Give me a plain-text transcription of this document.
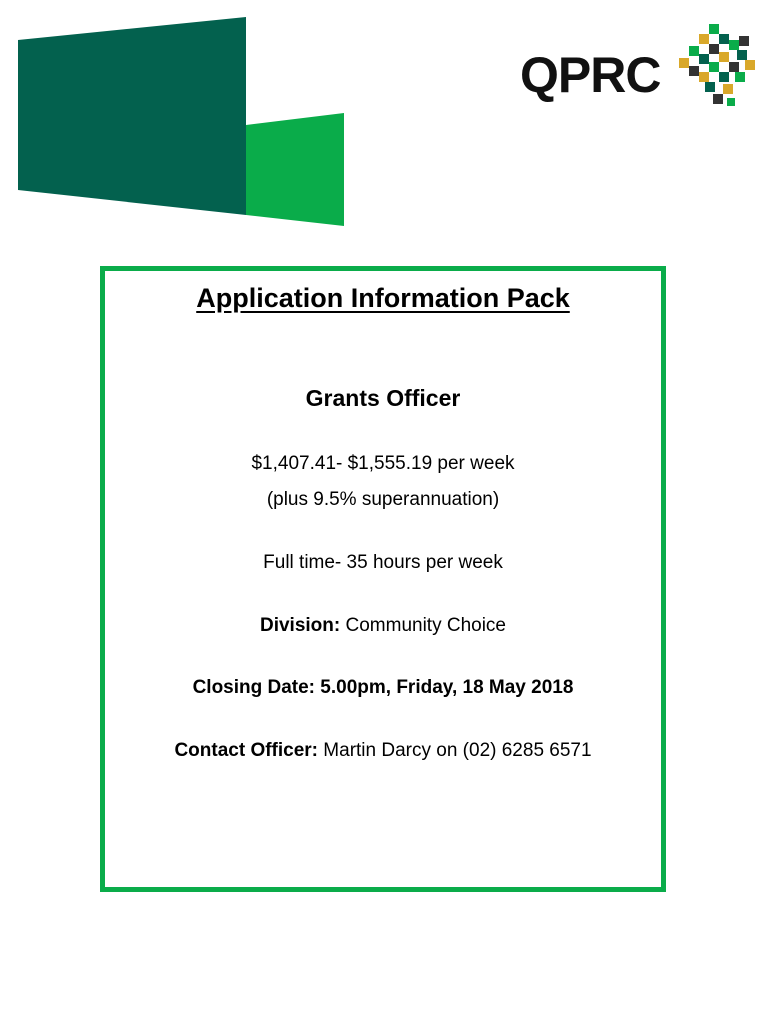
QPRC
Application Information Pack
Grants Officer
$1,407.41- $1,555.19 per week
(plus 9.5% superannuation)
Full time- 35 hours per week
Division: Community Choice
Closing Date: 5.00pm, Friday, 18 May 2018
Contact Officer: Martin Darcy on (02) 6285 6571
